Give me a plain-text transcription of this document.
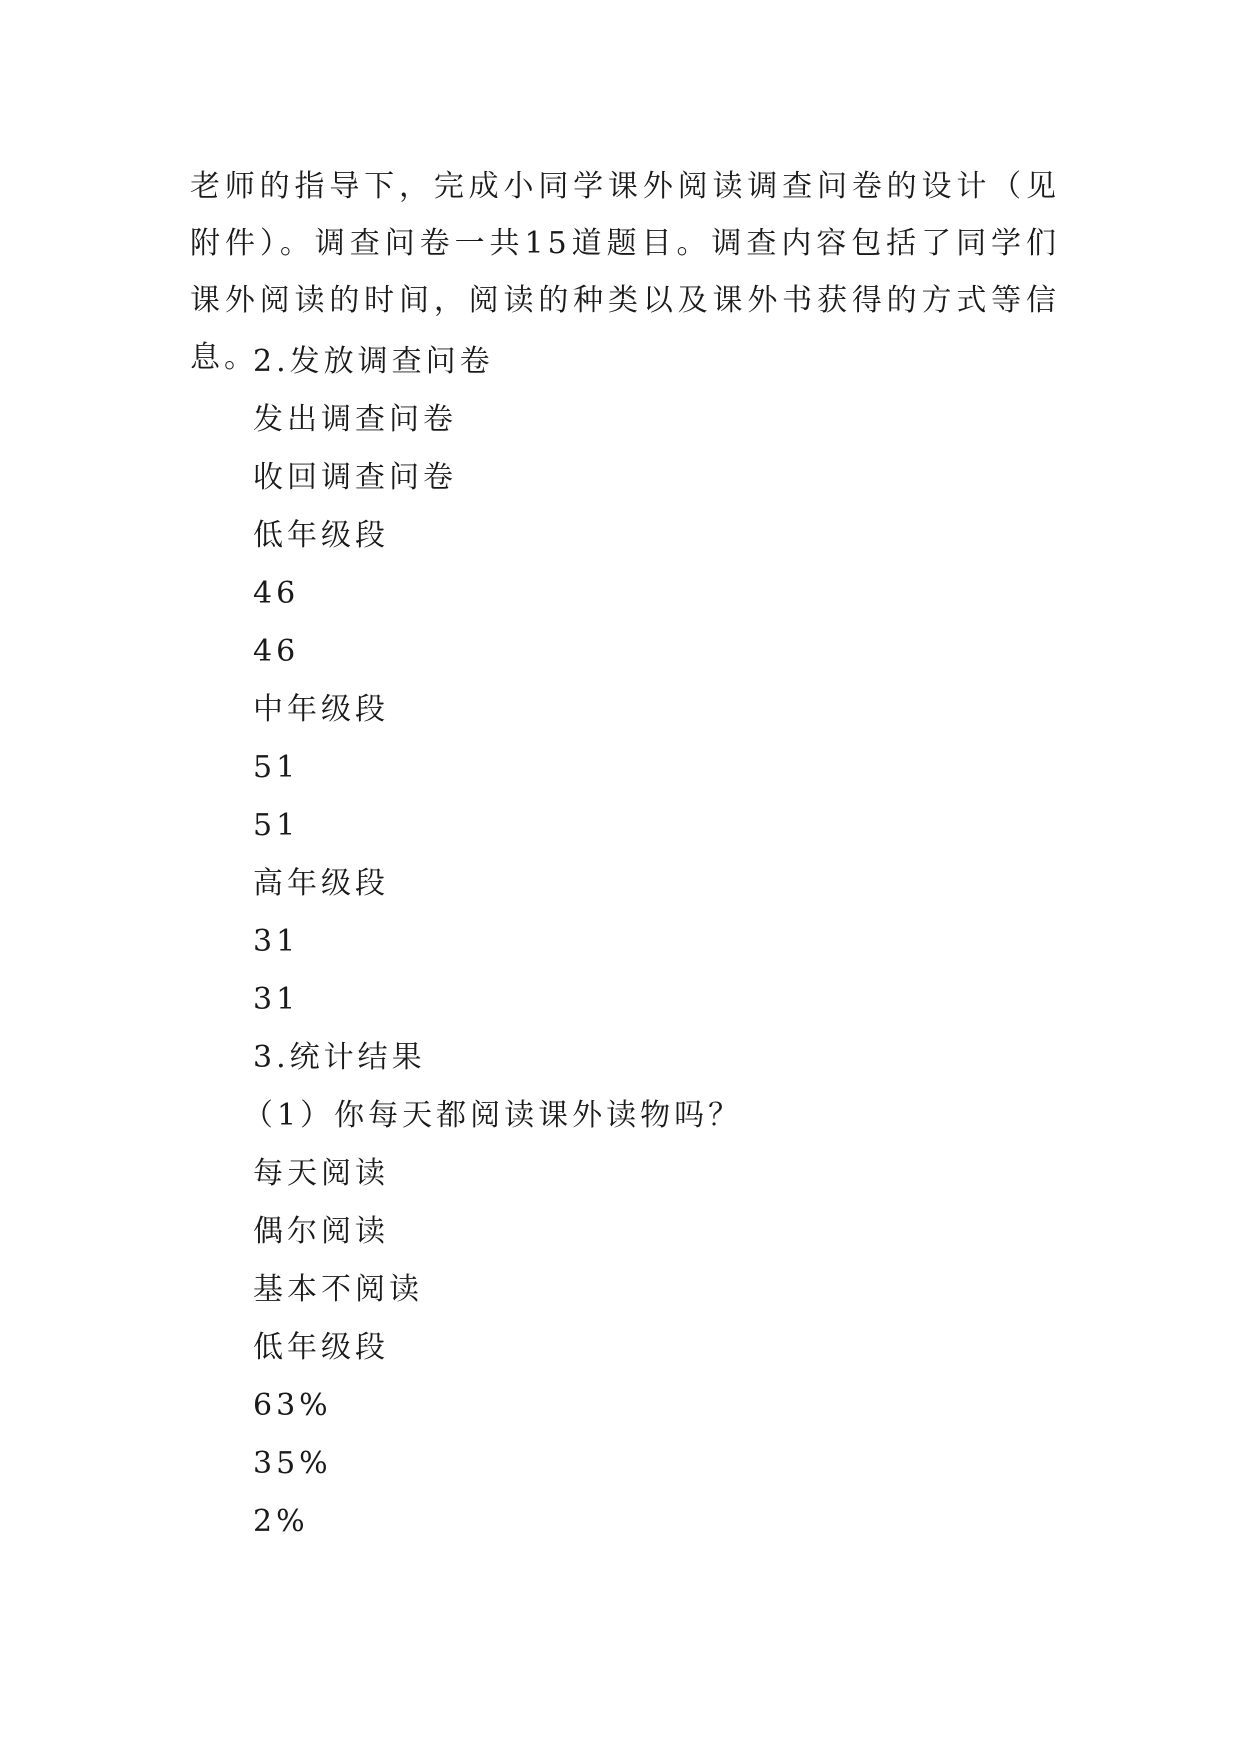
老师的指导下，完成小同学课外阅读调查问卷的设计（见附件）。调查问卷一共15道题目。调查内容包括了同学们课外阅读的时间，阅读的种类以及课外书获得的方式等信息。

2.发放调查问卷
发出调查问卷
收回调查问卷
低年级段
46
46
中年级段
51
51
高年级段
31
31
3.统计结果
（1）你每天都阅读课外读物吗？
每天阅读
偶尔阅读
基本不阅读
低年级段
63%
35%
2%
